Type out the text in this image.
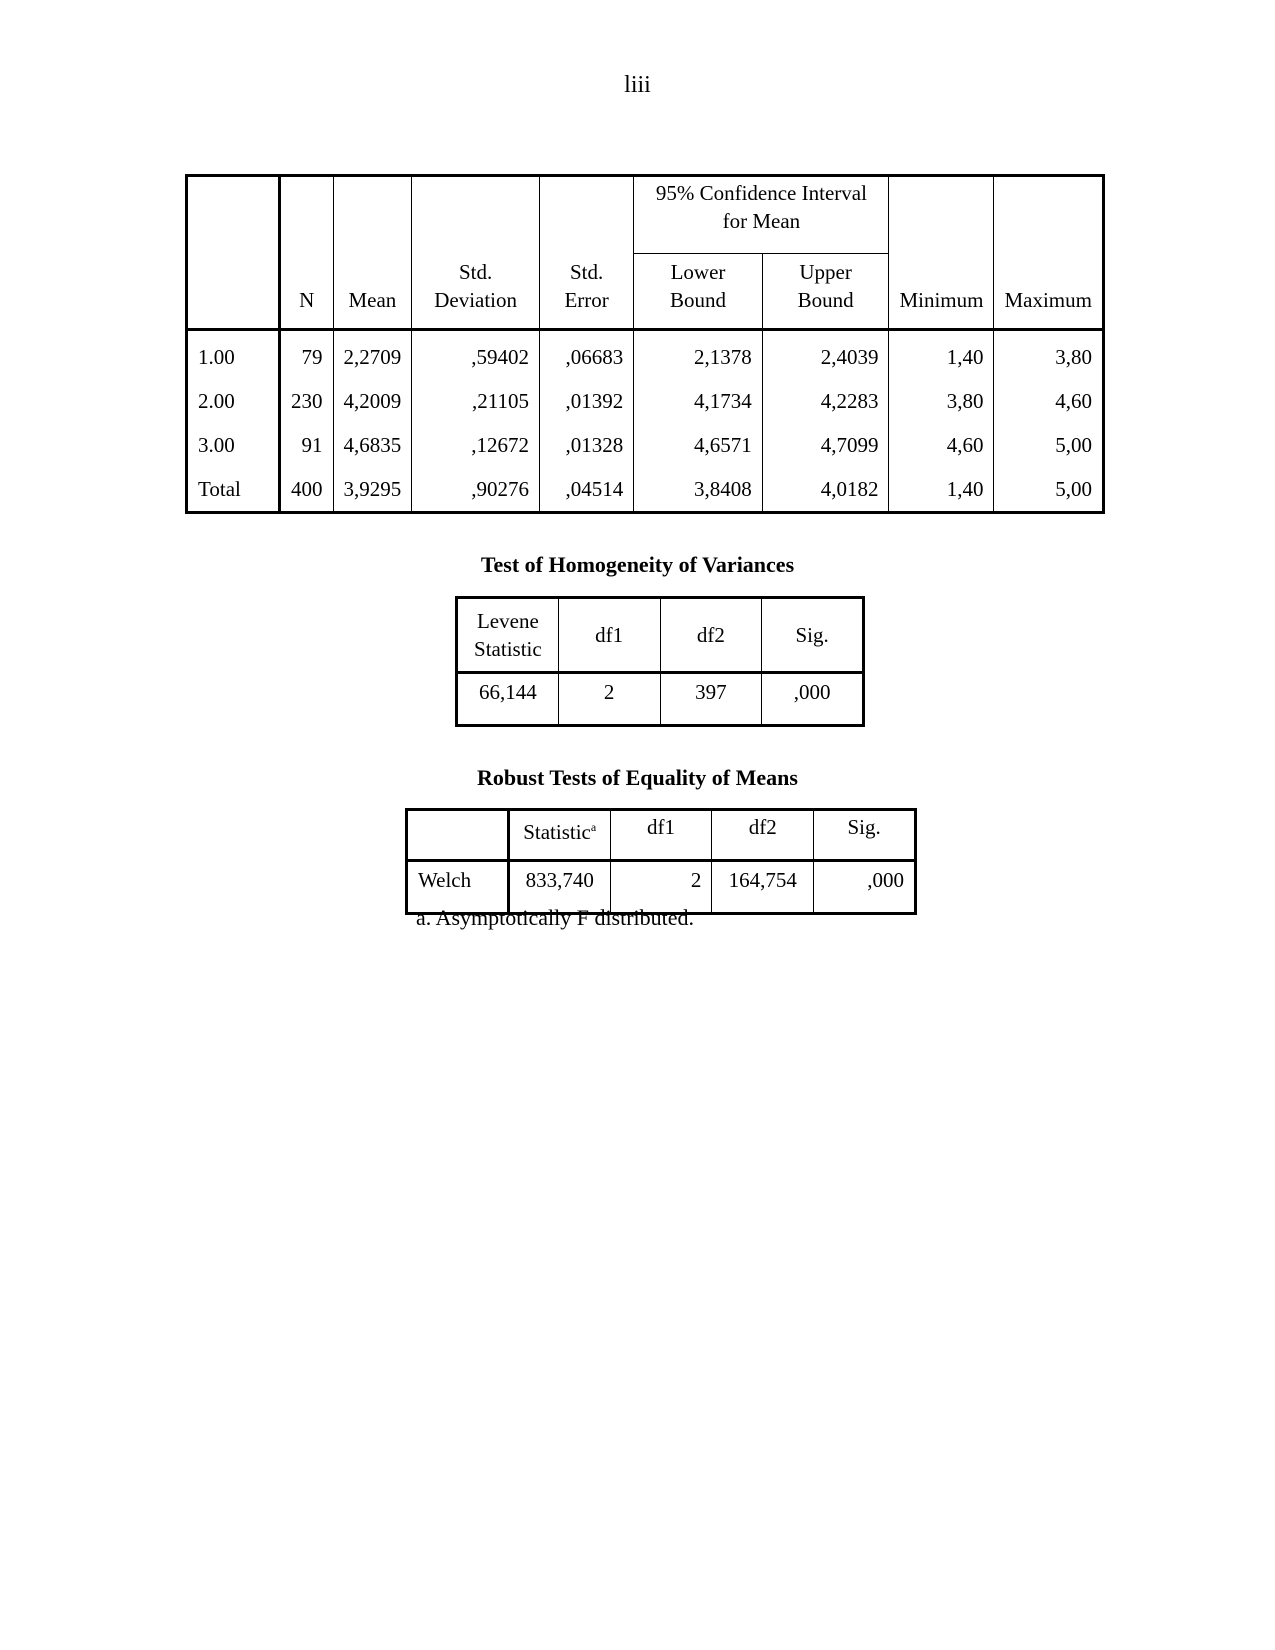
liii
	N	Mean	Std. Deviation	Std. Error	95% Confidence Interval for Mean		Minimum	Maximum
					Lower Bound	Upper Bound		
1.00	79	2,2709	,59402	,06683	2,1378	2,4039	1,40	3,80
2.00	230	4,2009	,21105	,01392	4,1734	4,2283	3,80	4,60
3.00	91	4,6835	,12672	,01328	4,6571	4,7099	4,60	5,00
Total	400	3,9295	,90276	,04514	3,8408	4,0182	1,40	5,00
Test of Homogeneity of Variances
Levene Statistic	df1	df2	Sig.
66,144	2	397	,000
Robust Tests of Equality of Means
	Statistic$^a$	df1	df2	Sig.
Welch	833,740	2	164,754	,000
a. Asymptotically F distributed.
